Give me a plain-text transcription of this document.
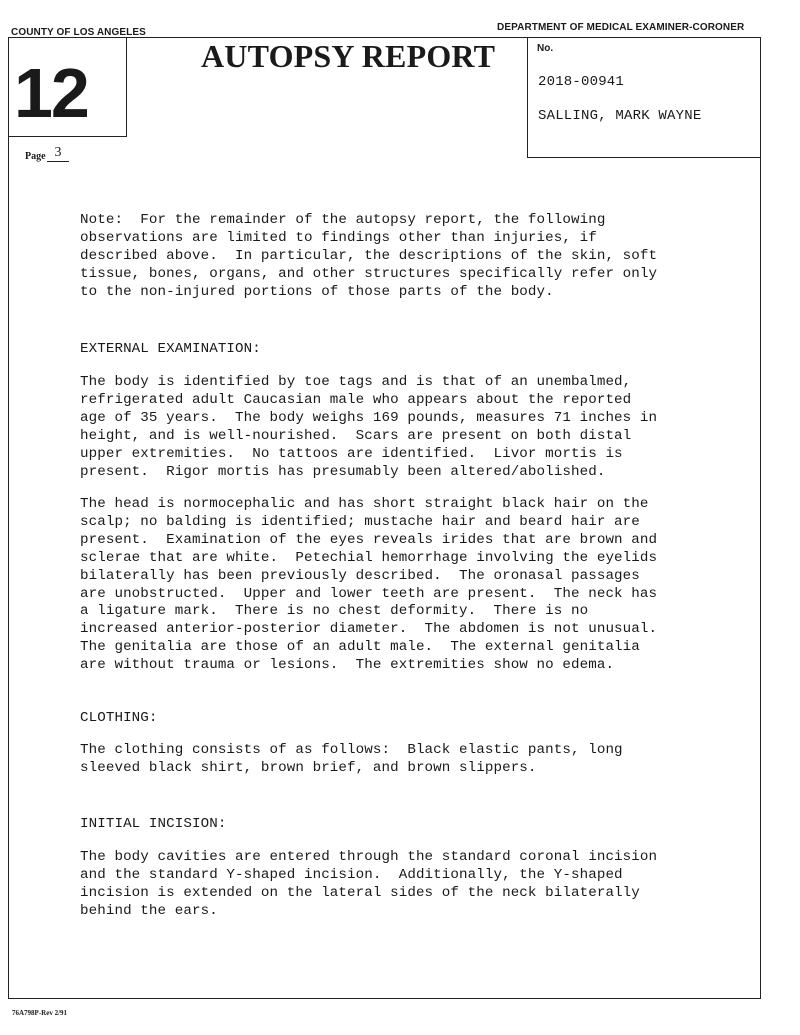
COUNTY OF LOS ANGELES	DEPARTMENT OF MEDICAL EXAMINER-CORONER
12	AUTOPSY REPORT	No.
2018-00941
SALLING, MARK WAYNE
Page 3
Note:  For the remainder of the autopsy report, the following
observations are limited to findings other than injuries, if
described above.  In particular, the descriptions of the skin, soft
tissue, bones, organs, and other structures specifically refer only
to the non-injured portions of those parts of the body.
EXTERNAL EXAMINATION:
The body is identified by toe tags and is that of an unembalmed,
refrigerated adult Caucasian male who appears about the reported
age of 35 years.  The body weighs 169 pounds, measures 71 inches in
height, and is well-nourished.  Scars are present on both distal
upper extremities.  No tattoos are identified.  Livor mortis is
present.  Rigor mortis has presumably been altered/abolished.
The head is normocephalic and has short straight black hair on the
scalp; no balding is identified; mustache hair and beard hair are
present.  Examination of the eyes reveals irides that are brown and
sclerae that are white.  Petechial hemorrhage involving the eyelids
bilaterally has been previously described.  The oronasal passages
are unobstructed.  Upper and lower teeth are present.  The neck has
a ligature mark.  There is no chest deformity.  There is no
increased anterior-posterior diameter.  The abdomen is not unusual.
The genitalia are those of an adult male.  The external genitalia
are without trauma or lesions.  The extremities show no edema.
CLOTHING:
The clothing consists of as follows:  Black elastic pants, long
sleeved black shirt, brown brief, and brown slippers.
INITIAL INCISION:
The body cavities are entered through the standard coronal incision
and the standard Y-shaped incision.  Additionally, the Y-shaped
incision is extended on the lateral sides of the neck bilaterally
behind the ears.
76A798P-Rev 2/91
